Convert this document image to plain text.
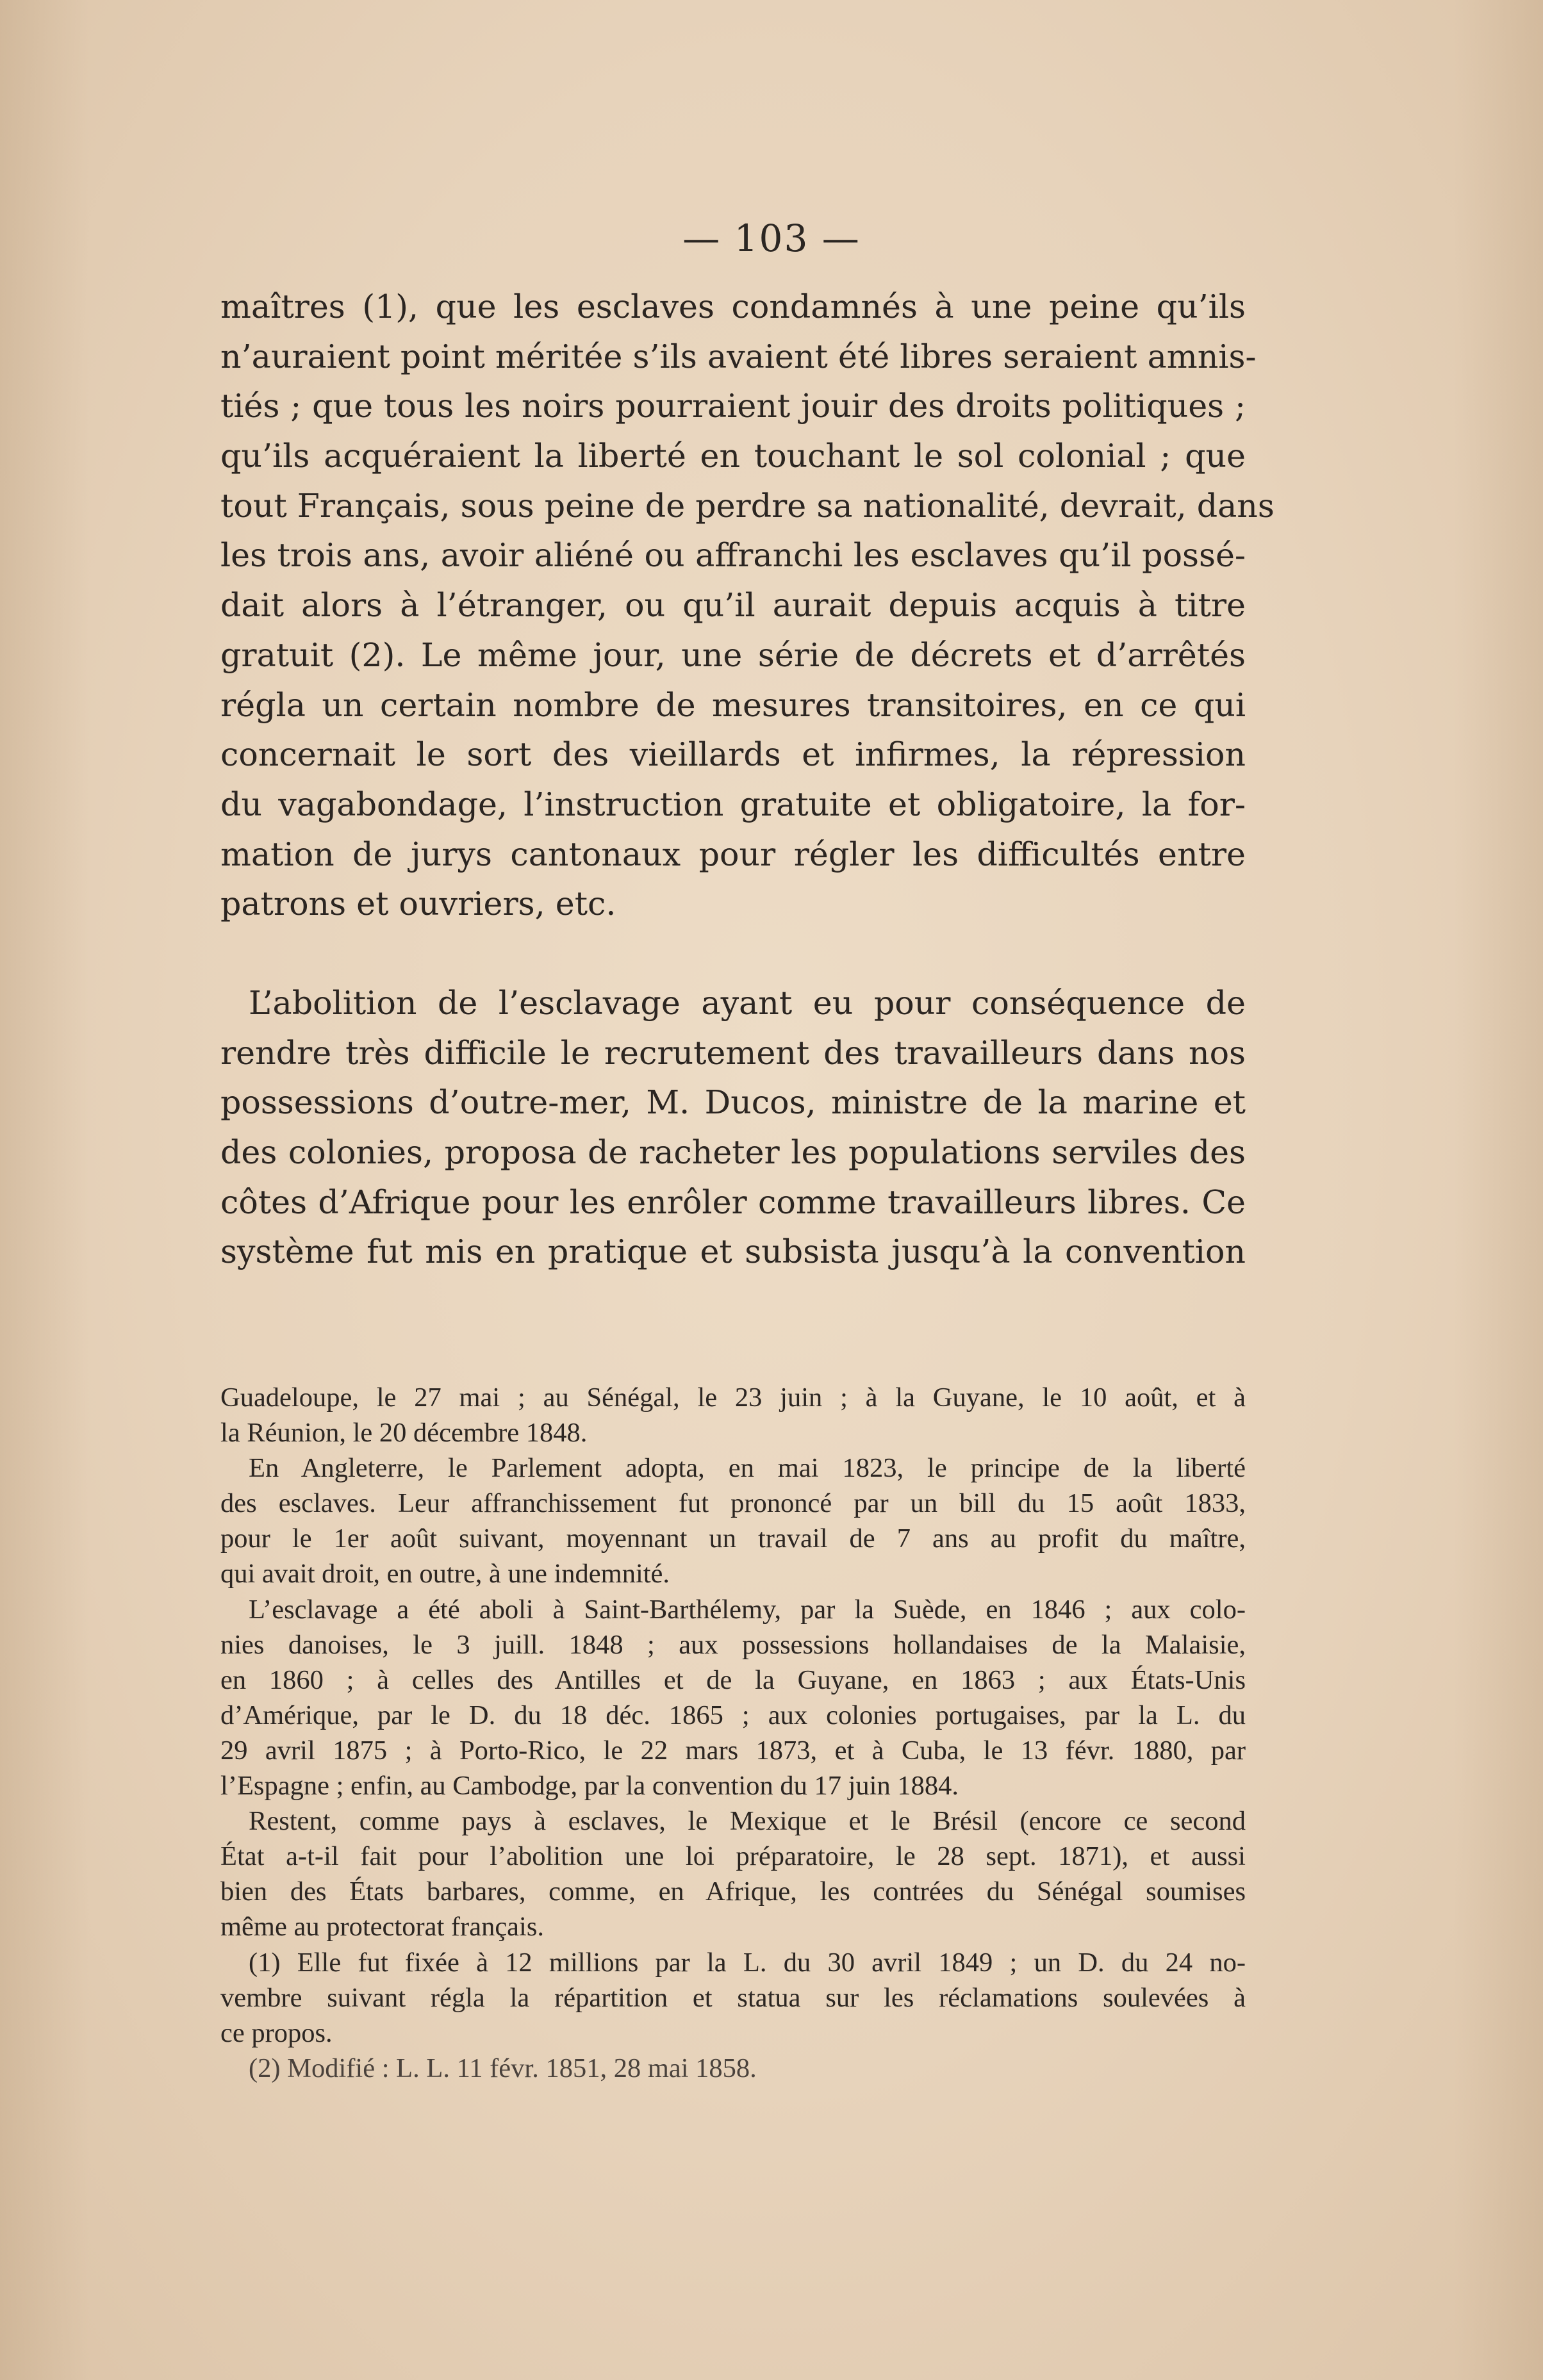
— 103 —
maîtres (1), que les esclaves condamnés à une peine qu’ils
n’auraient point méritée s’ils avaient été libres seraient amnis-
tiés ; que tous les noirs pourraient jouir des droits politiques ;
qu’ils acquéraient la liberté en touchant le sol colonial ; que
tout Français, sous peine de perdre sa nationalité, devrait, dans
les trois ans, avoir aliéné ou affranchi les esclaves qu’il possé-
dait alors à l’étranger, ou qu’il aurait depuis acquis à titre
gratuit (2). Le même jour, une série de décrets et d’arrêtés
régla un certain nombre de mesures transitoires, en ce qui
concernait le sort des vieillards et infirmes, la répression
du vagabondage, l’instruction gratuite et obligatoire, la for-
mation de jurys cantonaux pour régler les difficultés entre
patrons et ouvriers, etc.
L’abolition de l’esclavage ayant eu pour conséquence de
rendre très difficile le recrutement des travailleurs dans nos
possessions d’outre-mer, M. Ducos, ministre de la marine et
des colonies, proposa de racheter les populations serviles des
côtes d’Afrique pour les enrôler comme travailleurs libres. Ce
système fut mis en pratique et subsista jusqu’à la convention
Guadeloupe, le 27 mai ; au Sénégal, le 23 juin ; à la Guyane, le 10 août, et à
la Réunion, le 20 décembre 1848.
En Angleterre, le Parlement adopta, en mai 1823, le principe de la liberté
des esclaves. Leur affranchissement fut prononcé par un bill du 15 août 1833,
pour le 1er août suivant, moyennant un travail de 7 ans au profit du maître,
qui avait droit, en outre, à une indemnité.
L’esclavage a été aboli à Saint-Barthélemy, par la Suède, en 1846 ; aux colo-
nies danoises, le 3 juill. 1848 ; aux possessions hollandaises de la Malaisie,
en 1860 ; à celles des Antilles et de la Guyane, en 1863 ; aux États-Unis
d’Amérique, par le D. du 18 déc. 1865 ; aux colonies portugaises, par la L. du
29 avril 1875 ; à Porto-Rico, le 22 mars 1873, et à Cuba, le 13 févr. 1880, par
l’Espagne ; enfin, au Cambodge, par la convention du 17 juin 1884.
Restent, comme pays à esclaves, le Mexique et le Brésil (encore ce second
État a-t-il fait pour l’abolition une loi préparatoire, le 28 sept. 1871), et aussi
bien des États barbares, comme, en Afrique, les contrées du Sénégal soumises
même au protectorat français.
(1) Elle fut fixée à 12 millions par la L. du 30 avril 1849 ; un D. du 24 no-
vembre suivant régla la répartition et statua sur les réclamations soulevées à
ce propos.
(2) Modifié : L. L. 11 févr. 1851, 28 mai 1858.
